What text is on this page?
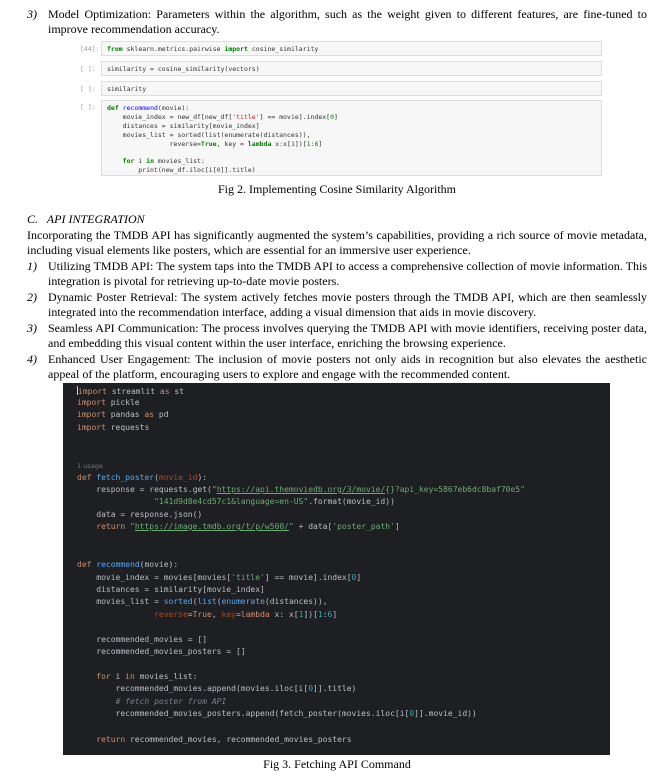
3) Model Optimization: Parameters within the algorithm, such as the weight given to different features, are fine-tuned to improve recommendation accuracy.
[44]: from sklearn.metrics.pairwise import cosine_similarity
[ ]: similarity = cosine_similarity(vectors)
[ ]: similarity
[ ]: def recommend(movie):
movie_index = new_df[new_df['title'] == movie].index[0]
distances = similarity[movie_index]
movies_list = sorted(list(enumerate(distances)),
reverse=True, key = lambda x:x[1])[1:6]
for i in movies_list:
print(new_df.iloc[i[0]].title)
Fig 2. Implementing Cosine Similarity Algorithm
C.   API INTEGRATION
Incorporating the TMDB API has significantly augmented the system’s capabilities, providing a rich source of movie metadata, including visual elements like posters, which are essential for an immersive user experience.
1) Utilizing TMDB API: The system taps into the TMDB API to access a comprehensive collection of movie information. This integration is pivotal for retrieving up-to-date movie posters.
2) Dynamic Poster Retrieval: The system actively fetches movie posters through the TMDB API, which are then seamlessly integrated into the recommendation interface, adding a visual dimension that aids in movie discovery.
3) Seamless API Communication: The process involves querying the TMDB API with movie identifiers, receiving poster data, and embedding this visual content within the user interface, enriching the browsing experience.
4) Enhanced User Engagement: The inclusion of movie posters not only aids in recognition but also elevates the aesthetic appeal of the platform, encouraging users to explore and engage with the recommended content.
import streamlit as st
import pickle
import pandas as pd
import requests
1 usage
def fetch_poster(movie_id):
response = requests.get("https://api.themoviedb.org/3/movie/{}?api_key=5867eb6dc8baf70e5"
"141d9d8e4cd57c1&language=en-US".format(movie_id))
data = response.json()
return "https://image.tmdb.org/t/p/w500/" + data['poster_path']
def recommend(movie):
movie_index = movies[movies['title'] == movie].index[0]
distances = similarity[movie_index]
movies_list = sorted(list(enumerate(distances)),
reverse=True, key=lambda x: x[1])[1:6]
recommended_movies = []
recommended_movies_posters = []
for i in movies_list:
recommended_movies.append(movies.iloc[i[0]].title)
# fetch poster from API
recommended_movies_posters.append(fetch_poster(movies.iloc[i[0]].movie_id))
return recommended_movies, recommended_movies_posters
Fig 3. Fetching API Command
